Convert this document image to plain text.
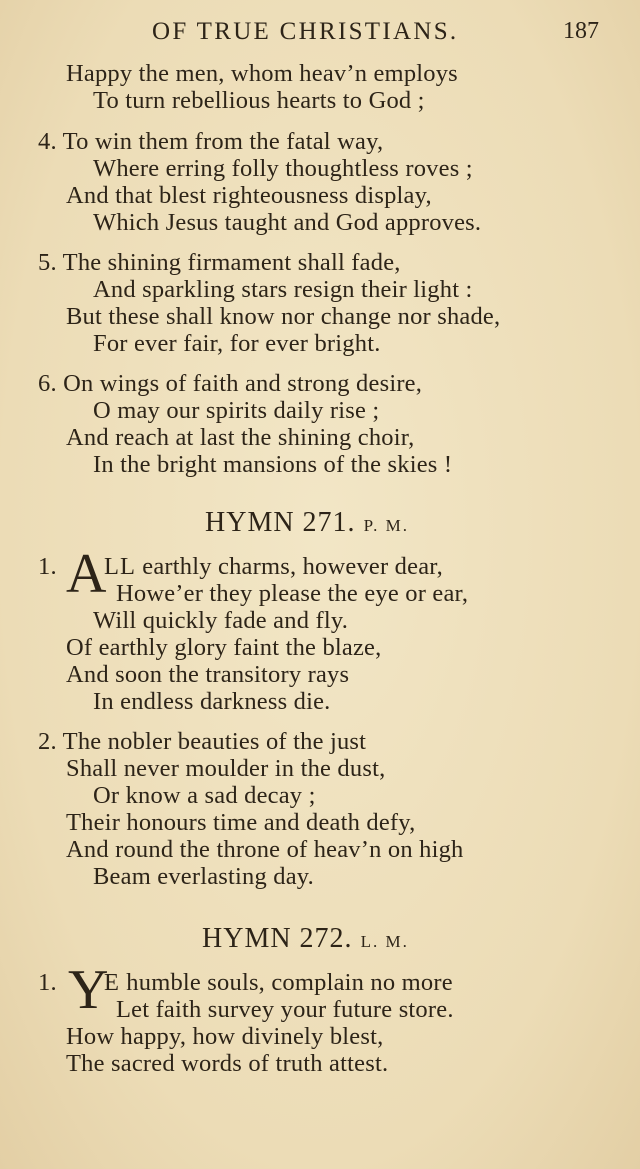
OF TRUE CHRISTIANS.	187
Happy the men, whom heav’n employs
To turn rebellious hearts to God ;
4. To win them from the fatal way,
Where erring folly thoughtless roves ;
And that blest righteousness display,
Which Jesus taught and God approves.
5. The shining firmament shall fade,
And sparkling stars resign their light :
But these shall know nor change nor shade,
For ever fair, for ever bright.
6. On wings of faith and strong desire,
O may our spirits daily rise ;
And reach at last the shining choir,
In the bright mansions of the skies !
HYMN 271. P. M.
1. A
LL earthly charms, however dear,
Howe’er they please the eye or ear,
Will quickly fade and fly.
Of earthly glory faint the blaze,
And soon the transitory rays
In endless darkness die.
2. The nobler beauties of the just
Shall never moulder in the dust,
Or know a sad decay ;
Their honours time and death defy,
And round the throne of heav’n on high
Beam everlasting day.
HYMN 272. L. M.
1. Y
E humble souls, complain no more
Let faith survey your future store.
How happy, how divinely blest,
The sacred words of truth attest.
